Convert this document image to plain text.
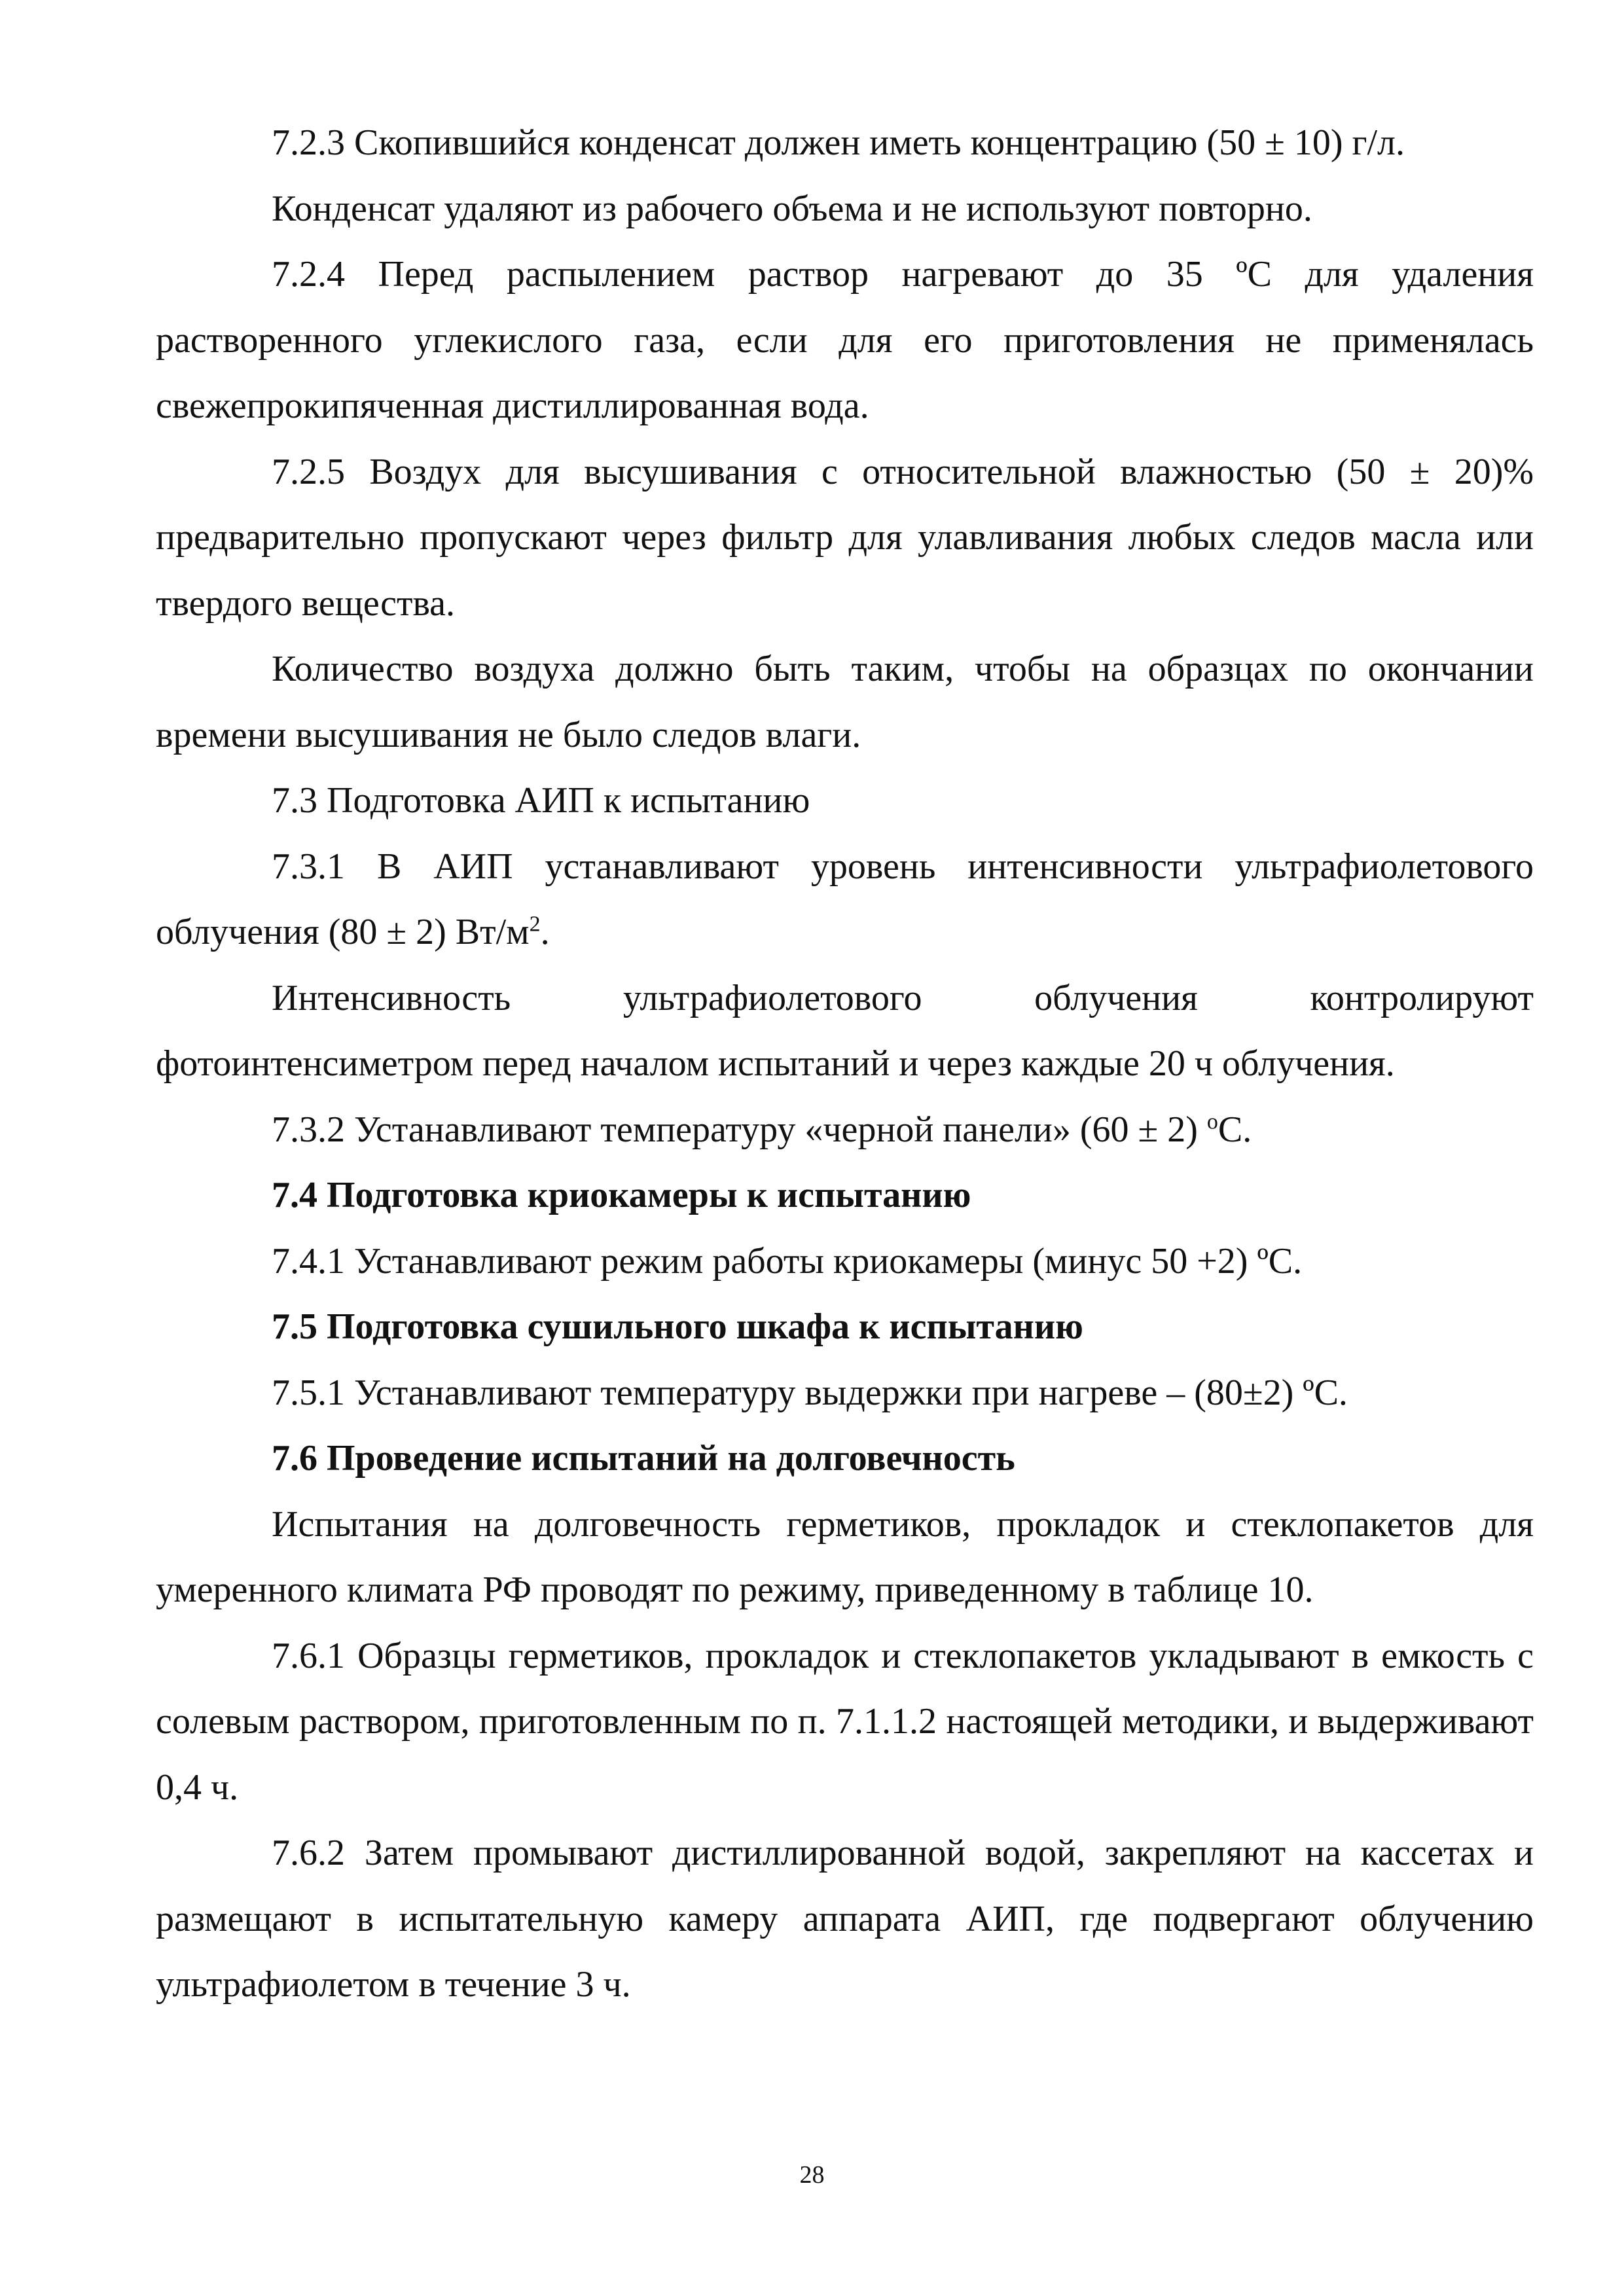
7.2.3 Скопившийся конденсат должен иметь концентрацию (50 ± 10) г/л.

Конденсат удаляют из рабочего объема и не используют повторно.

7.2.4 Перед распылением раствор нагревают до 35 ºС для удаления растворенного углекислого газа, если для его приготовления не применялась свежепрокипяченная дистиллированная вода.

7.2.5 Воздух для высушивания с относительной влажностью (50 ± 20)% предварительно пропускают через фильтр для улавливания любых следов масла или твердого вещества.

Количество воздуха должно быть таким, чтобы на образцах по окончании времени высушивания не было следов влаги.

7.3 Подготовка АИП к испытанию

7.3.1 В АИП устанавливают уровень интенсивности ультрафиолетового облучения (80 ± 2) $Вт/м^2$.

Интенсивность ультрафиолетового облучения контролируют

фотоинтенсиметром перед началом испытаний и через каждые 20 ч облучения.

7.3.2 Устанавливают температуру «черной панели» (60 ± 2) $^о$С.

7.4 Подготовка криокамеры к испытанию

7.4.1 Устанавливают режим работы криокамеры (минус 50 +2) ºС.

7.5 Подготовка сушильного шкафа к испытанию

7.5.1 Устанавливают температуру выдержки при нагреве – (80±2) ºС.

7.6 Проведение испытаний на долговечность

Испытания на долговечность герметиков, прокладок и стеклопакетов для умеренного климата РФ проводят по режиму, приведенному в таблице 10.

7.6.1 Образцы герметиков, прокладок и стеклопакетов укладывают в емкость с солевым раствором, приготовленным по п. 7.1.1.2 настоящей методики, и выдерживают 0,4 ч.

7.6.2 Затем промывают дистиллированной водой, закрепляют на кассетах и размещают в испытательную камеру аппарата АИП, где подвергают облучению ультрафиолетом в течение 3 ч.

28
